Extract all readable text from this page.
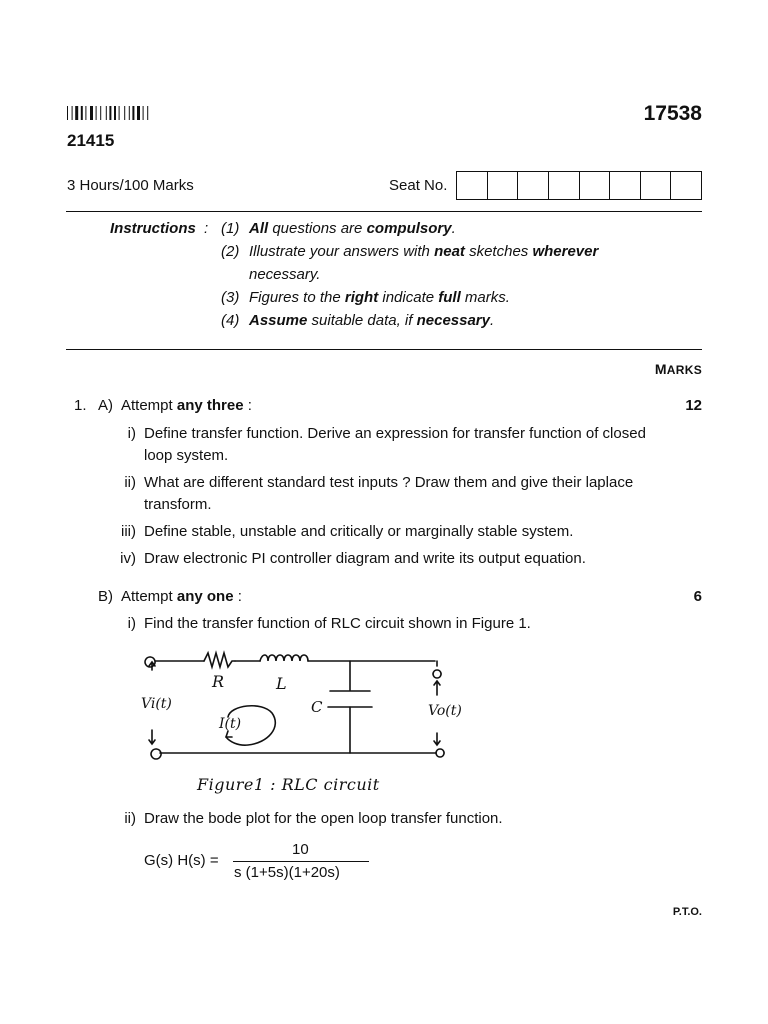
17538
21415
3 Hours/100 Marks	Seat No.
Instructions : (1) All questions are compulsory.
(2) Illustrate your answers with neat sketches wherever
necessary.
(3) Figures to the right indicate full marks.
(4) Assume suitable data, if necessary.
MARKS
1. A) Attempt any three :	12
i) Define transfer function. Derive an expression for transfer function of closed
loop system.
ii) What are different standard test inputs ? Draw them and give their laplace
transform.
iii) Define stable, unstable and critically or marginally stable system.
iv) Draw electronic PI controller diagram and write its output equation.
B) Attempt any one :	6
i) Find the transfer function of RLC circuit shown in Figure 1.
R	L
C
Vi(t)	Vo(t)
I(t)
Figure1 : RLC circuit
ii) Draw the bode plot for the open loop transfer function.
G(s) H(s) =
10
s (1+5s)(1+20s)
P.T.O.
